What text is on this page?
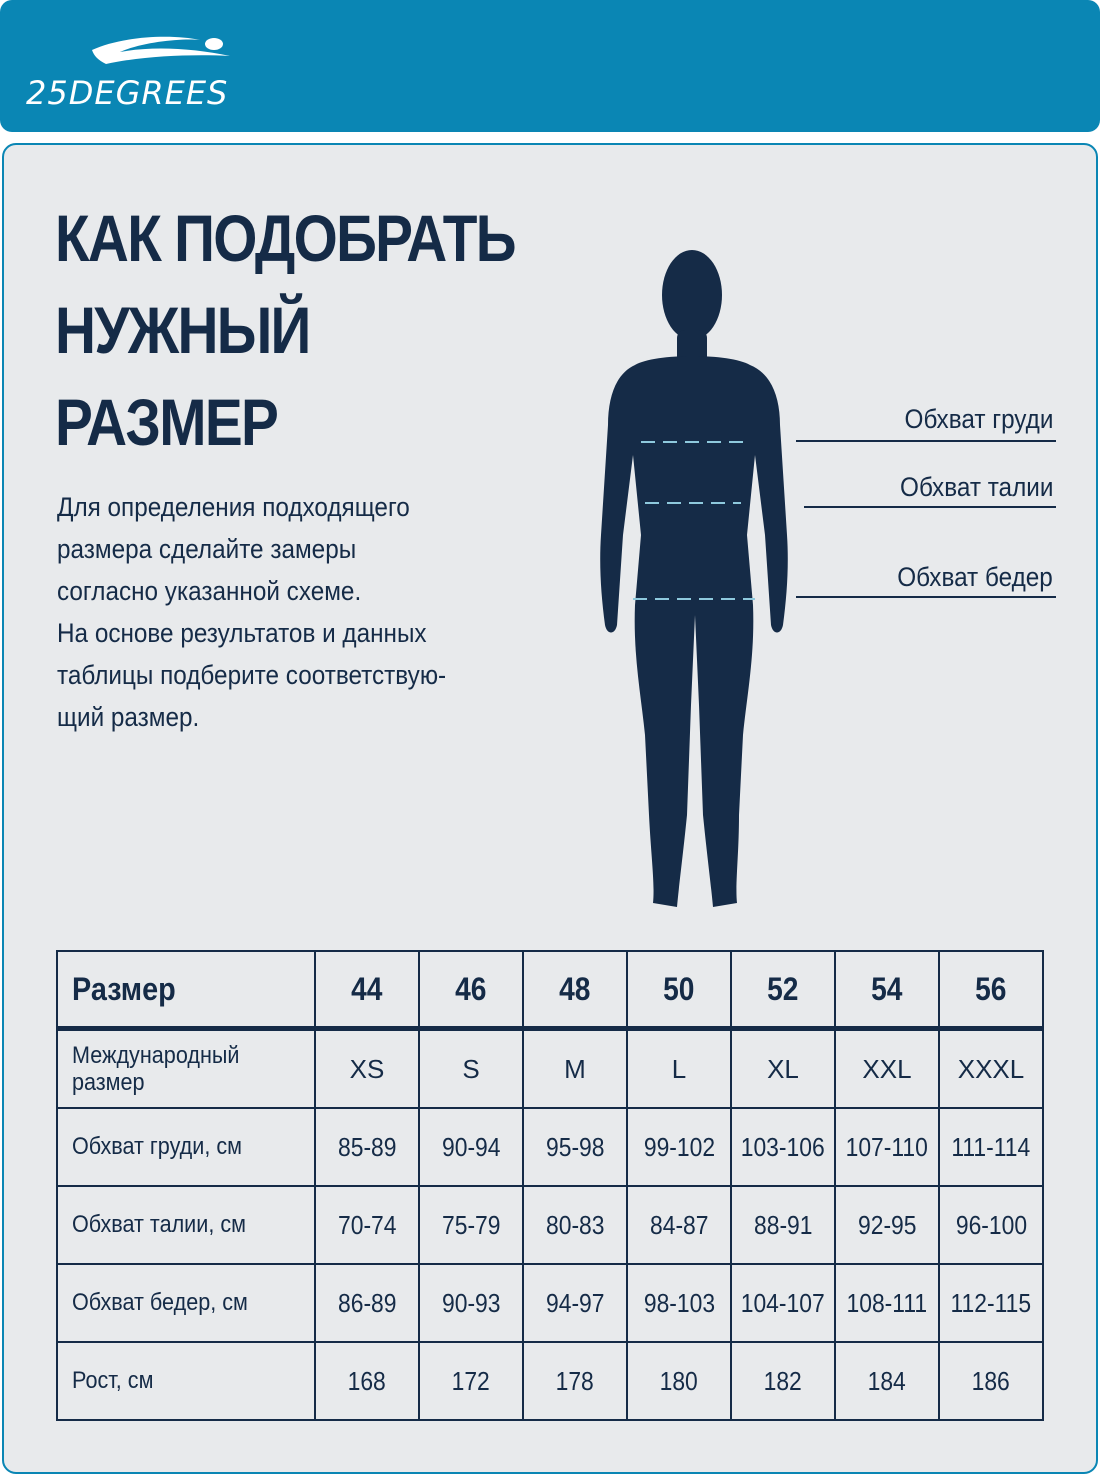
25DEGREES
КАК ПОДОБРАТЬ
НУЖНЫЙ
РАЗМЕР
Для определения подходящего
размера сделайте замеры
согласно указанной схеме.
На основе результатов и данных
таблицы подберите соответствую-
щий размер.
Обхват груди
Обхват талии
Обхват бедер
Размер	44	46	48	50	52	54	56
Международный
размер	XS	S	M	L	XL	XXL	XXXL
Обхват груди, см	85-89	90-94	95-98	99-102	103-106	107-110	111-114
Обхват талии, см	70-74	75-79	80-83	84-87	88-91	92-95	96-100
Обхват бедер, см	86-89	90-93	94-97	98-103	104-107	108-111	112-115
Рост, см	168	172	178	180	182	184	186
